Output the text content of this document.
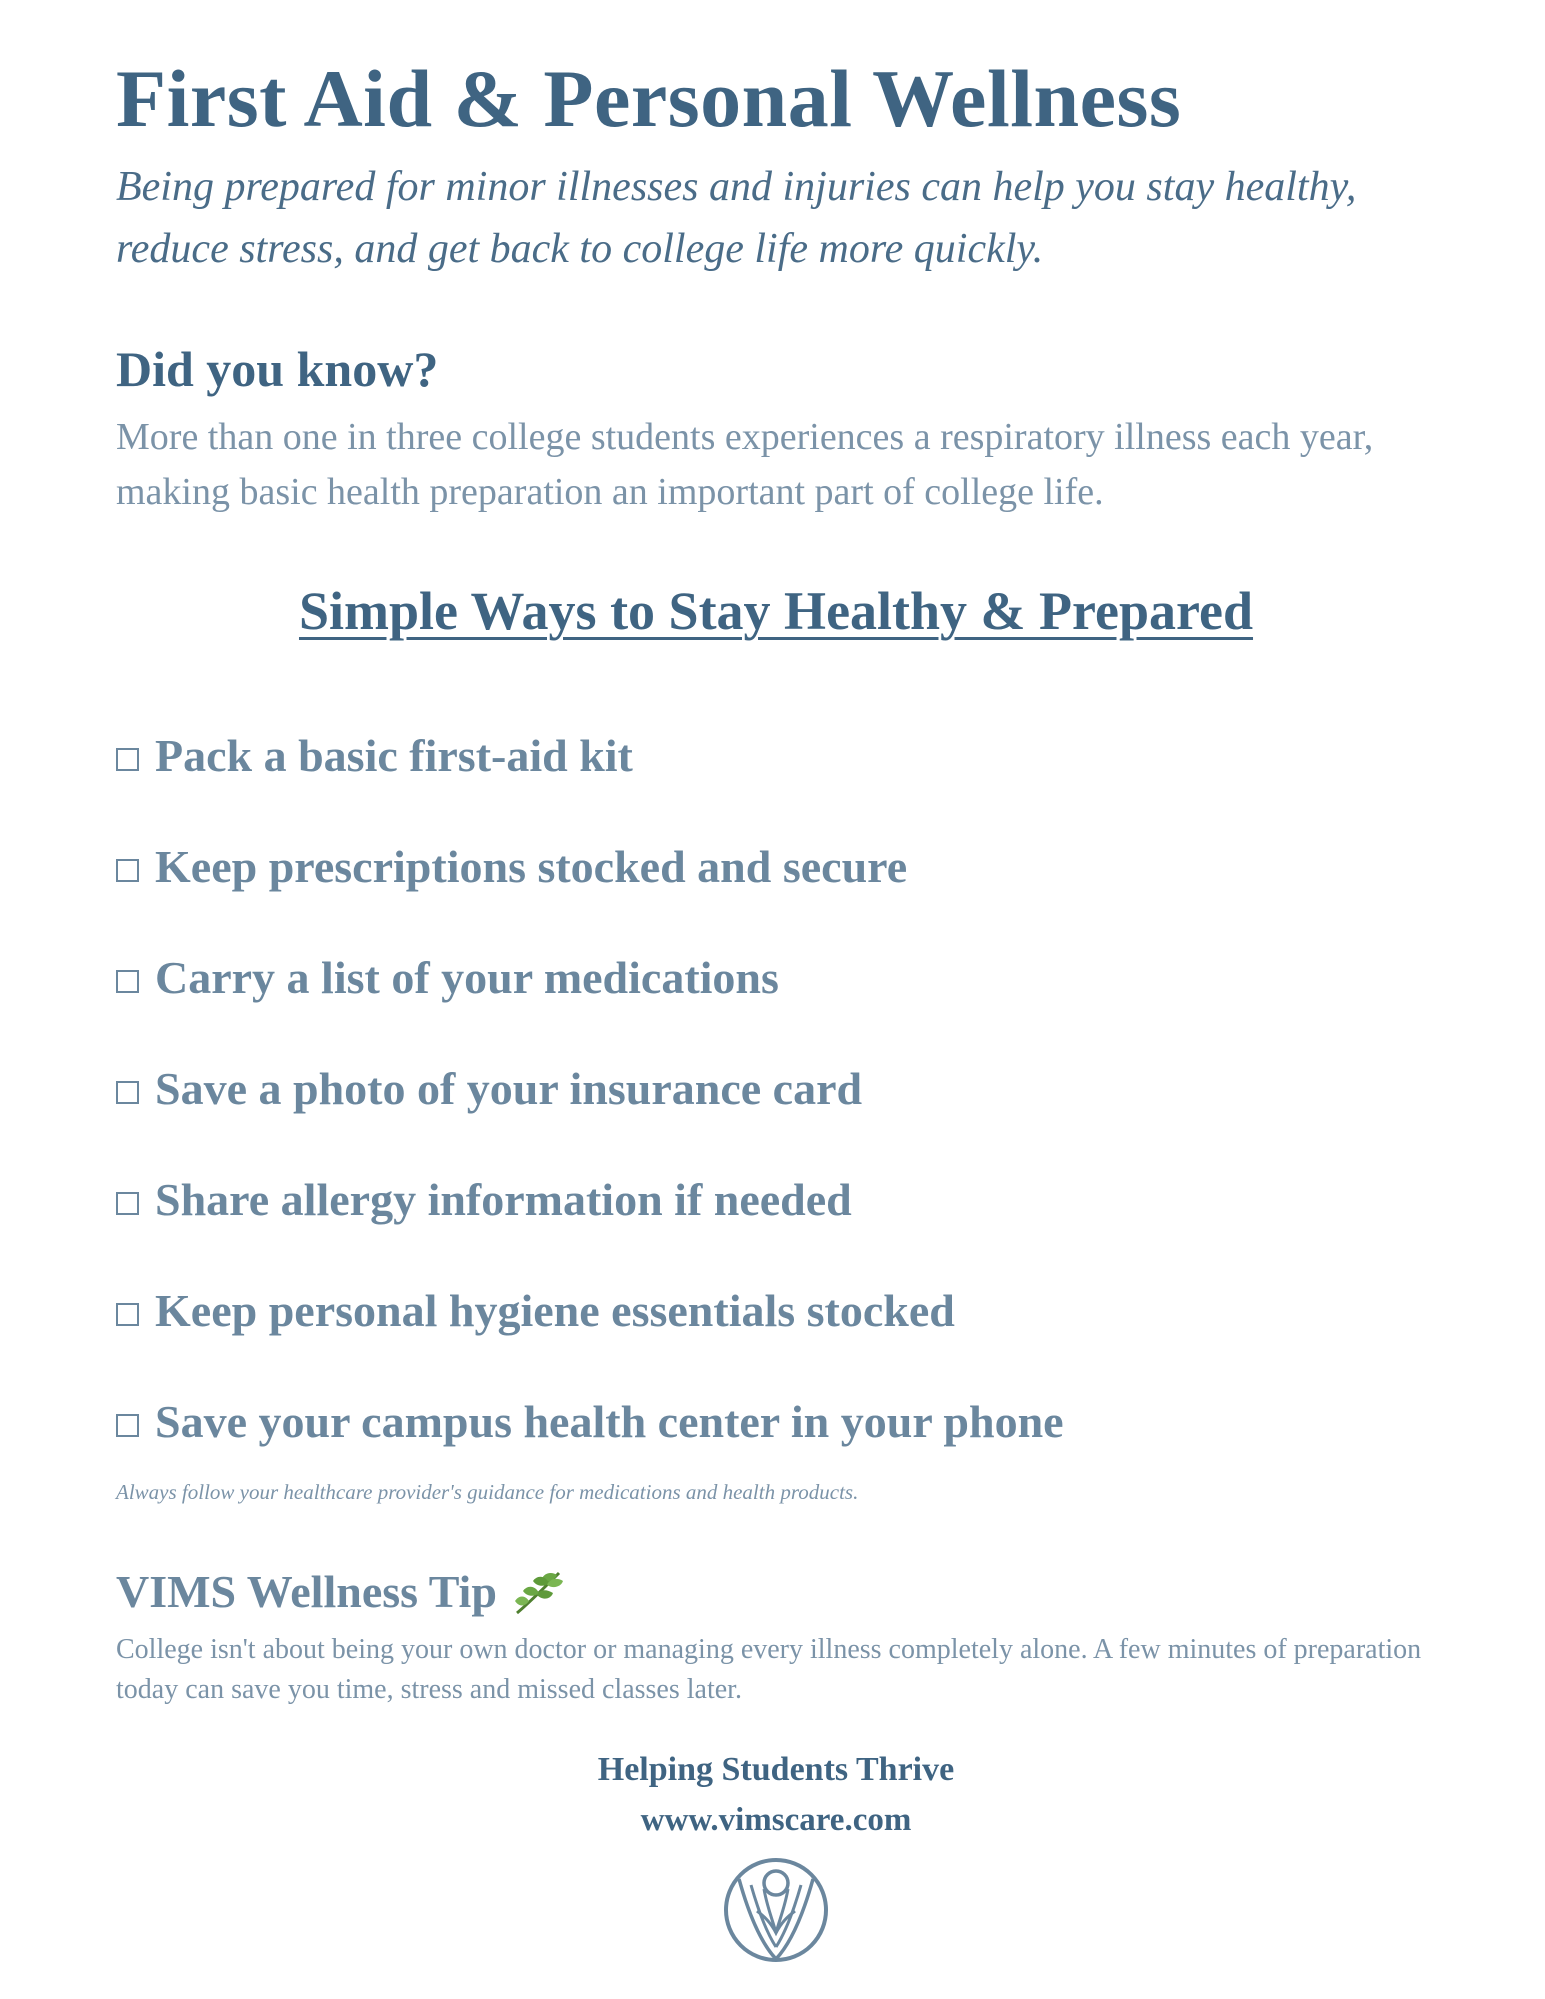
First Aid & Personal Wellness

Being prepared for minor illnesses and injuries can help you stay healthy, reduce stress, and get back to college life more quickly.

Did you know?

More than one in three college students experiences a respiratory illness each year, making basic health preparation an important part of college life.

Simple Ways to Stay Healthy & Prepared
Pack a basic first-aid kit
Keep prescriptions stocked and secure
Carry a list of your medications
Save a photo of your insurance card
Share allergy information if needed
Keep personal hygiene essentials stocked
Save your campus health center in your phone

Always follow your healthcare provider's guidance for medications and health products.

VIMS Wellness Tip

College isn't about being your own doctor or managing every illness completely alone. A few minutes of preparation today can save you time, stress and missed classes later.

Helping Students Thrive

www.vimscare.com
